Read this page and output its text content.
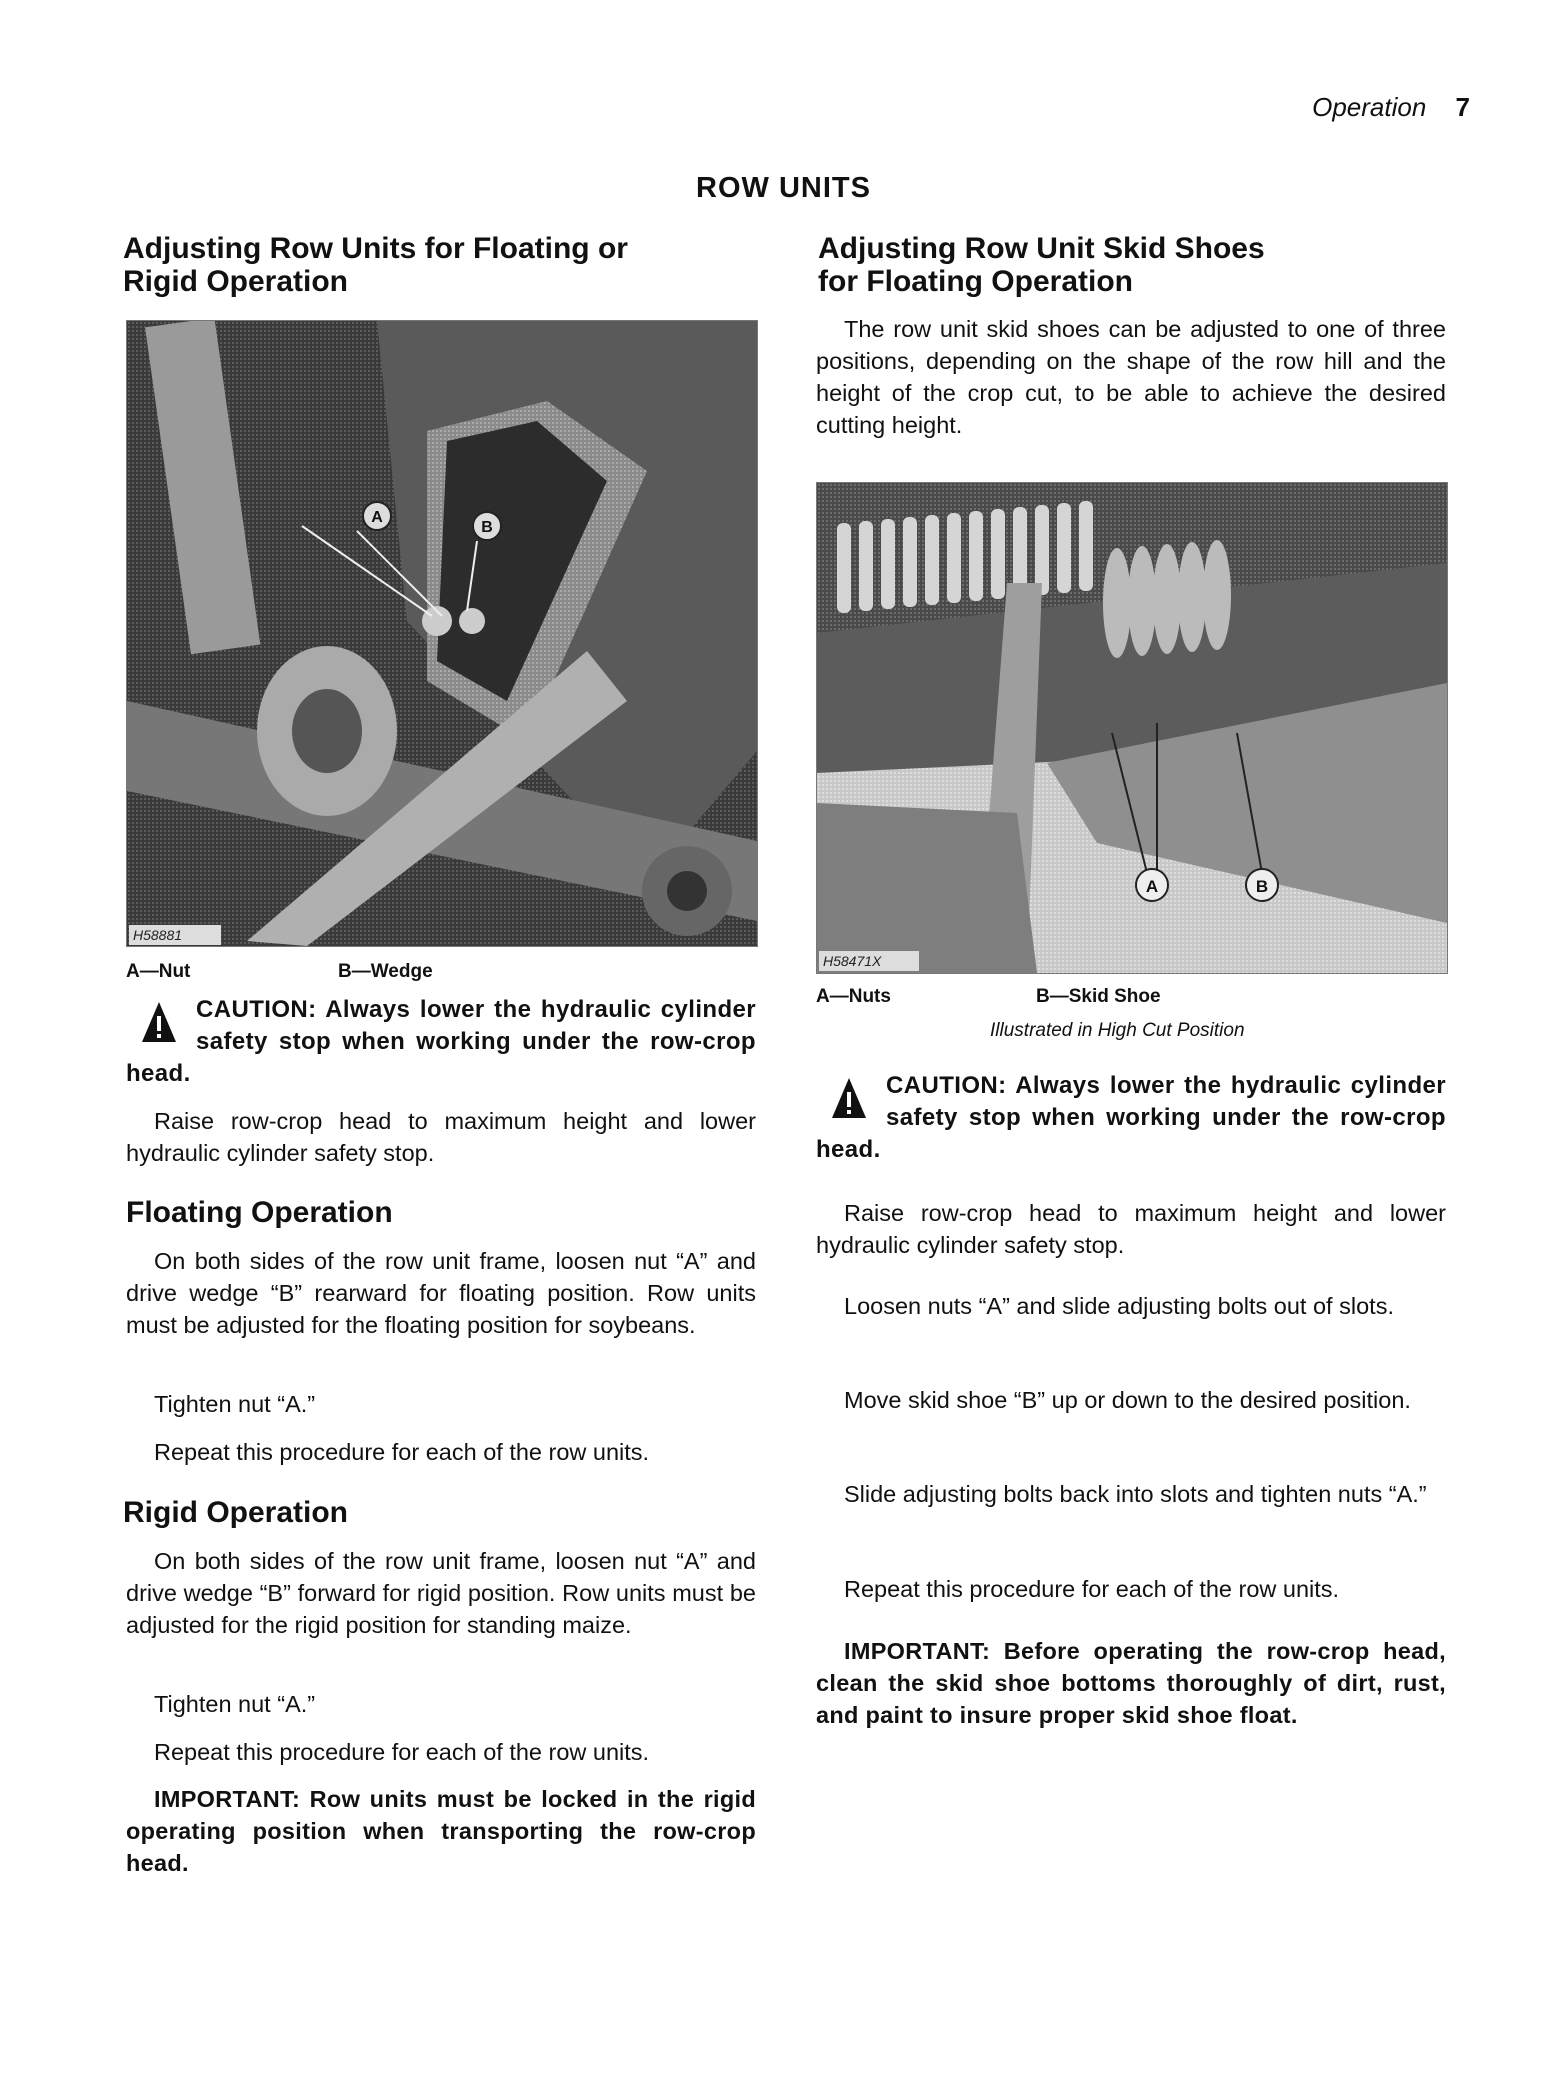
Operation 7
ROW UNITS
Adjusting Row Units for Floating or
Rigid Operation
A
B
H58881
A—Nut	B—Wedge
CAUTION: Always lower the hydraulic cylinder safety stop when working under the row-crop head.
Raise row-crop head to maximum height and lower hydraulic cylinder safety stop.
Floating Operation
On both sides of the row unit frame, loosen nut “A” and drive wedge “B” rearward for floating position. Row units must be adjusted for the floating position for soybeans.
Tighten nut “A.”
Repeat this procedure for each of the row units.
Rigid Operation
On both sides of the row unit frame, loosen nut “A” and drive wedge “B” forward for rigid position. Row units must be adjusted for the rigid position for standing maize.
Tighten nut “A.”
Repeat this procedure for each of the row units.
IMPORTANT: Row units must be locked in the rigid operating position when transporting the row-crop head.
Adjusting Row Unit Skid Shoes
for Floating Operation
The row unit skid shoes can be adjusted to one of three positions, depending on the shape of the row hill and the height of the crop cut, to be able to achieve the desired cutting height.
A	B
H58471X
A—Nuts	B—Skid Shoe
Illustrated in High Cut Position
CAUTION: Always lower the hydraulic cylinder safety stop when working under the row-crop head.
Raise row-crop head to maximum height and lower hydraulic cylinder safety stop.
Loosen nuts “A” and slide adjusting bolts out of slots.
Move skid shoe “B” up or down to the desired position.
Slide adjusting bolts back into slots and tighten nuts “A.”
Repeat this procedure for each of the row units.
IMPORTANT: Before operating the row-crop head, clean the skid shoe bottoms thoroughly of dirt, rust, and paint to insure proper skid shoe float.
